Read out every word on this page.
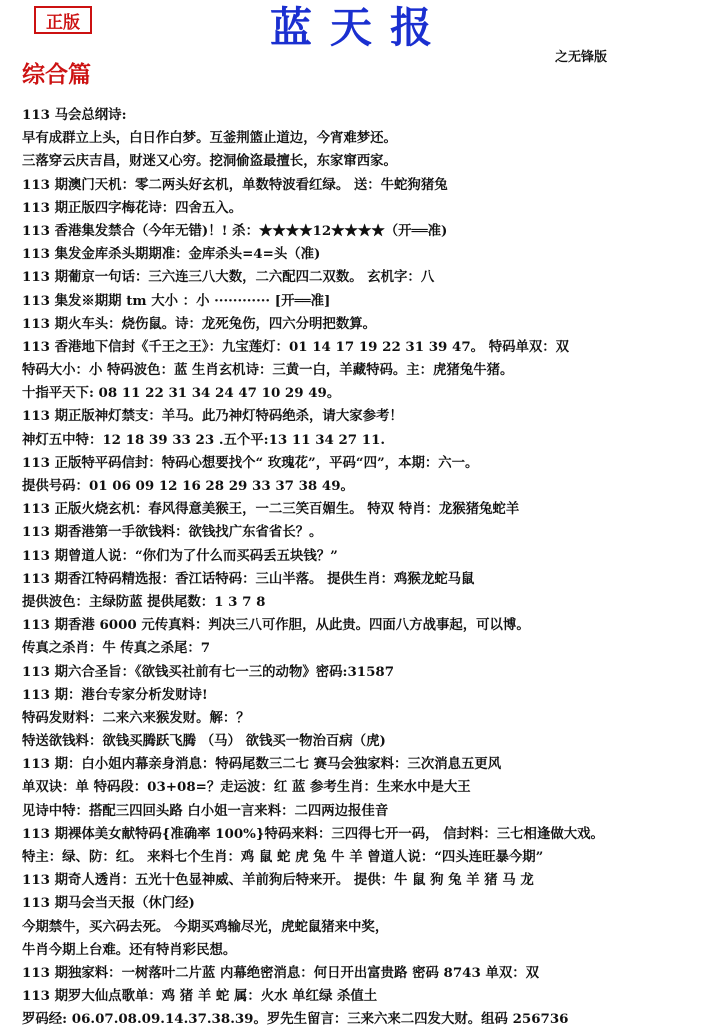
正版	蓝天报
之无锋版
综合篇
113 马会总纲诗:
早有成群立上头，白日作白梦。互釜荆篮止道边，今宵难梦还。
三落穿云庆吉昌，财迷又心穷。挖洞偷盗最擅长，东家窜西家。
113 期澳门天机：零二两头好玄机，单数特波看红绿。 送：牛蛇狗猪兔
113 期正版四字梅花诗：四舍五入。
113 香港集发禁合（今年无错)！! 杀：★★★★12★★★★（开══准)
113 集发金库杀头期期准：金库杀头=4=头（准)
113 期葡京一句话：三六连三八大数，二六配四二双数。 玄机字：八
113 集发※期期 tm 大小 ：小 ············ [开══准]
113 期火车头：烧伤鼠。诗：龙死兔伤，四六分明把数算。
113 香港地下信封《千王之王》：九宝莲灯：01 14 17 19 22 31 39 47。 特码单双：双
特码大小：小 特码波色：蓝 生肖玄机诗：三黄一白，羊藏特码。主：虎猪兔牛猪。
十指平天下: 08 11 22 31 34 24 47 10 29 49。
113 期正版神灯禁支：羊马。此乃神灯特码绝杀，请大家参考！
神灯五中特：12 18 39 33 23 .五个平:13 11 34 27 11.
113 正版特平码信封：特码心想要找个“ 玫瑰花”，平码“四”，本期：六一。
提供号码：01 06 09 12 16 28 29 33 37 38 49。
113 正版火烧玄机：春风得意美猴王，一二三笑百媚生。 特双 特肖：龙猴猪兔蛇羊
113 期香港第一手欲钱料：欲钱找广东省省长？。
113 期曾道人说：“你们为了什么而买码丢五块钱？”
113 期香江特码精选报：香江话特码：三山半落。 提供生肖：鸡猴龙蛇马鼠
提供波色：主绿防蓝 提供尾数：1 3 7 8
113 期香港 6000 元传真料：判决三八可作胆，从此贵。四面八方战事起，可以博。
传真之杀肖：牛 传真之杀尾：7
113 期六合圣旨：《欲钱买社前有七一三的动物》密码:31587
113 期：港台专家分析发财诗!
特码发财料：二来六来猴发财。解：？
特送欲钱料：欲钱买腾跃飞腾 （马） 欲钱买一物治百病（虎)
113 期：白小姐内幕亲身消息：特码尾数三二七 赛马会独家料：三次消息五更风
单双诀：单 特码段：03+08=？走运波：红 蓝 参考生肖：生来水中是大王
见诗中特：搭配三四回头路 白小姐一言来料：二四两边报佳音
113 期裸体美女献特码{准确率 100%}特码来料：三四得七开一码， 信封料：三七相逢做大戏。
特主：绿、防：红。 来料七个生肖：鸡 鼠 蛇 虎 兔 牛 羊 曾道人说：“四头连旺暴今期”
113 期奇人透肖：五光十色显神威、羊前狗后特来开。 提供：牛 鼠 狗 兔 羊 猪 马 龙
113 期马会当天报（休门经)
今期禁牛，买六码去死。 今期买鸡输尽光，虎蛇鼠猪来中奖，
牛肖今期上台难。还有特肖彩民想。
113 期独家料：一树落叶二片蓝 内幕绝密消息：何日开出富贵路 密码 8743 单双：双
113 期罗大仙点歌单：鸡 猪 羊 蛇 属：火水 单红绿 杀值土
罗码经: 06.07.08.09.14.37.38.39。罗先生留言：三来六来二四发大财。组码 256736
